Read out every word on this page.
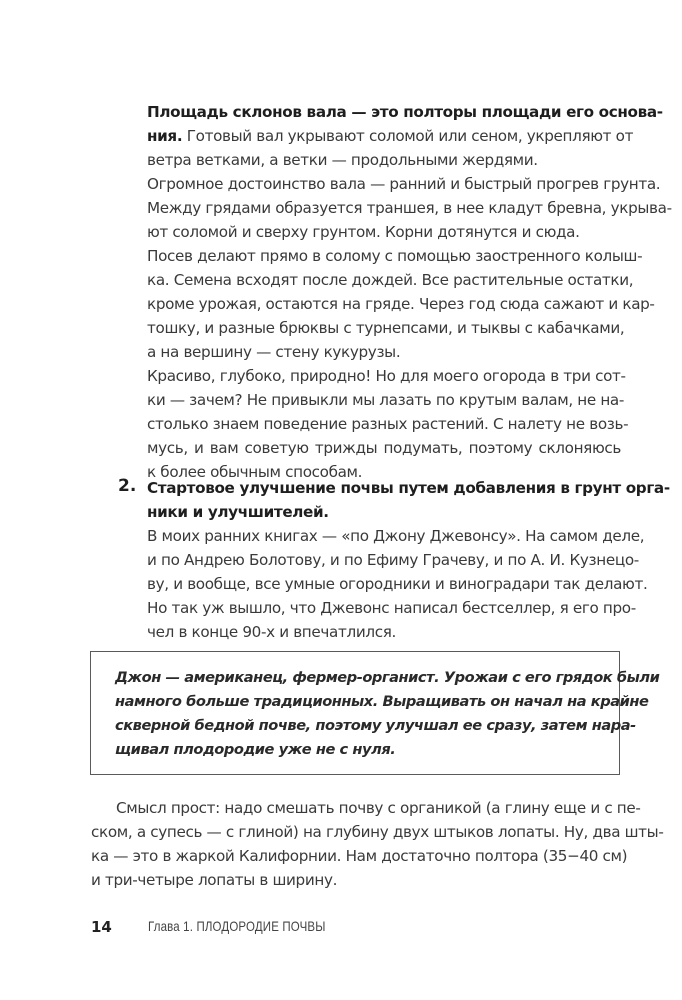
Площадь склонов вала — это полторы площади его основа-
ния. Готовый вал укрывают соломой или сеном, укрепляют от
ветра ветками, а ветки — продольными жердями.
Огромное достоинство вала — ранний и быстрый прогрев грунта.
Между грядами образуется траншея, в нее кладут бревна, укрыва-
ют соломой и сверху грунтом. Корни дотянутся и сюда.
Посев делают прямо в солому с помощью заостренного колыш-
ка. Семена всходят после дождей. Все растительные остатки,
кроме урожая, остаются на гряде. Через год сюда сажают и кар-
тошку, и разные брюквы с турнепсами, и тыквы с кабачками,
а на вершину — стену кукурузы.
Красиво, глубоко, природно! Но для моего огорода в три сот-
ки — зачем? Не привыкли мы лазать по крутым валам, не на-
столько знаем поведение разных растений. С налету не возь-
мусь, и вам советую трижды подумать, поэтому склоняюсь
к более обычным способам.
2. Стартовое улучшение почвы путем добавления в грунт орга-
ники и улучшителей.
В моих ранних книгах — «по Джону Джевонсу». На самом деле,
и по Андрею Болотову, и по Ефиму Грачеву, и по А. И. Кузнецо-
ву, и вообще, все умные огородники и виноградари так делают.
Но так уж вышло, что Джевонс написал бестселлер, я его про-
чел в конце 90-х и впечатлился.
Джон — американец, фермер-органист. Урожаи с его грядок были
намного больше традиционных. Выращивать он начал на крайне
скверной бедной почве, поэтому улучшал ее сразу, затем нара-
щивал плодородие уже не с нуля.
Смысл прост: надо смешать почву с органикой (а глину еще и с пе-
ском, а супесь — с глиной) на глубину двух штыков лопаты. Ну, два шты-
ка — это в жаркой Калифорнии. Нам достаточно полтора (35−40 см)
и три-четыре лопаты в ширину.
14	Глава 1. ПЛОДОРОДИЕ ПОЧВЫ
